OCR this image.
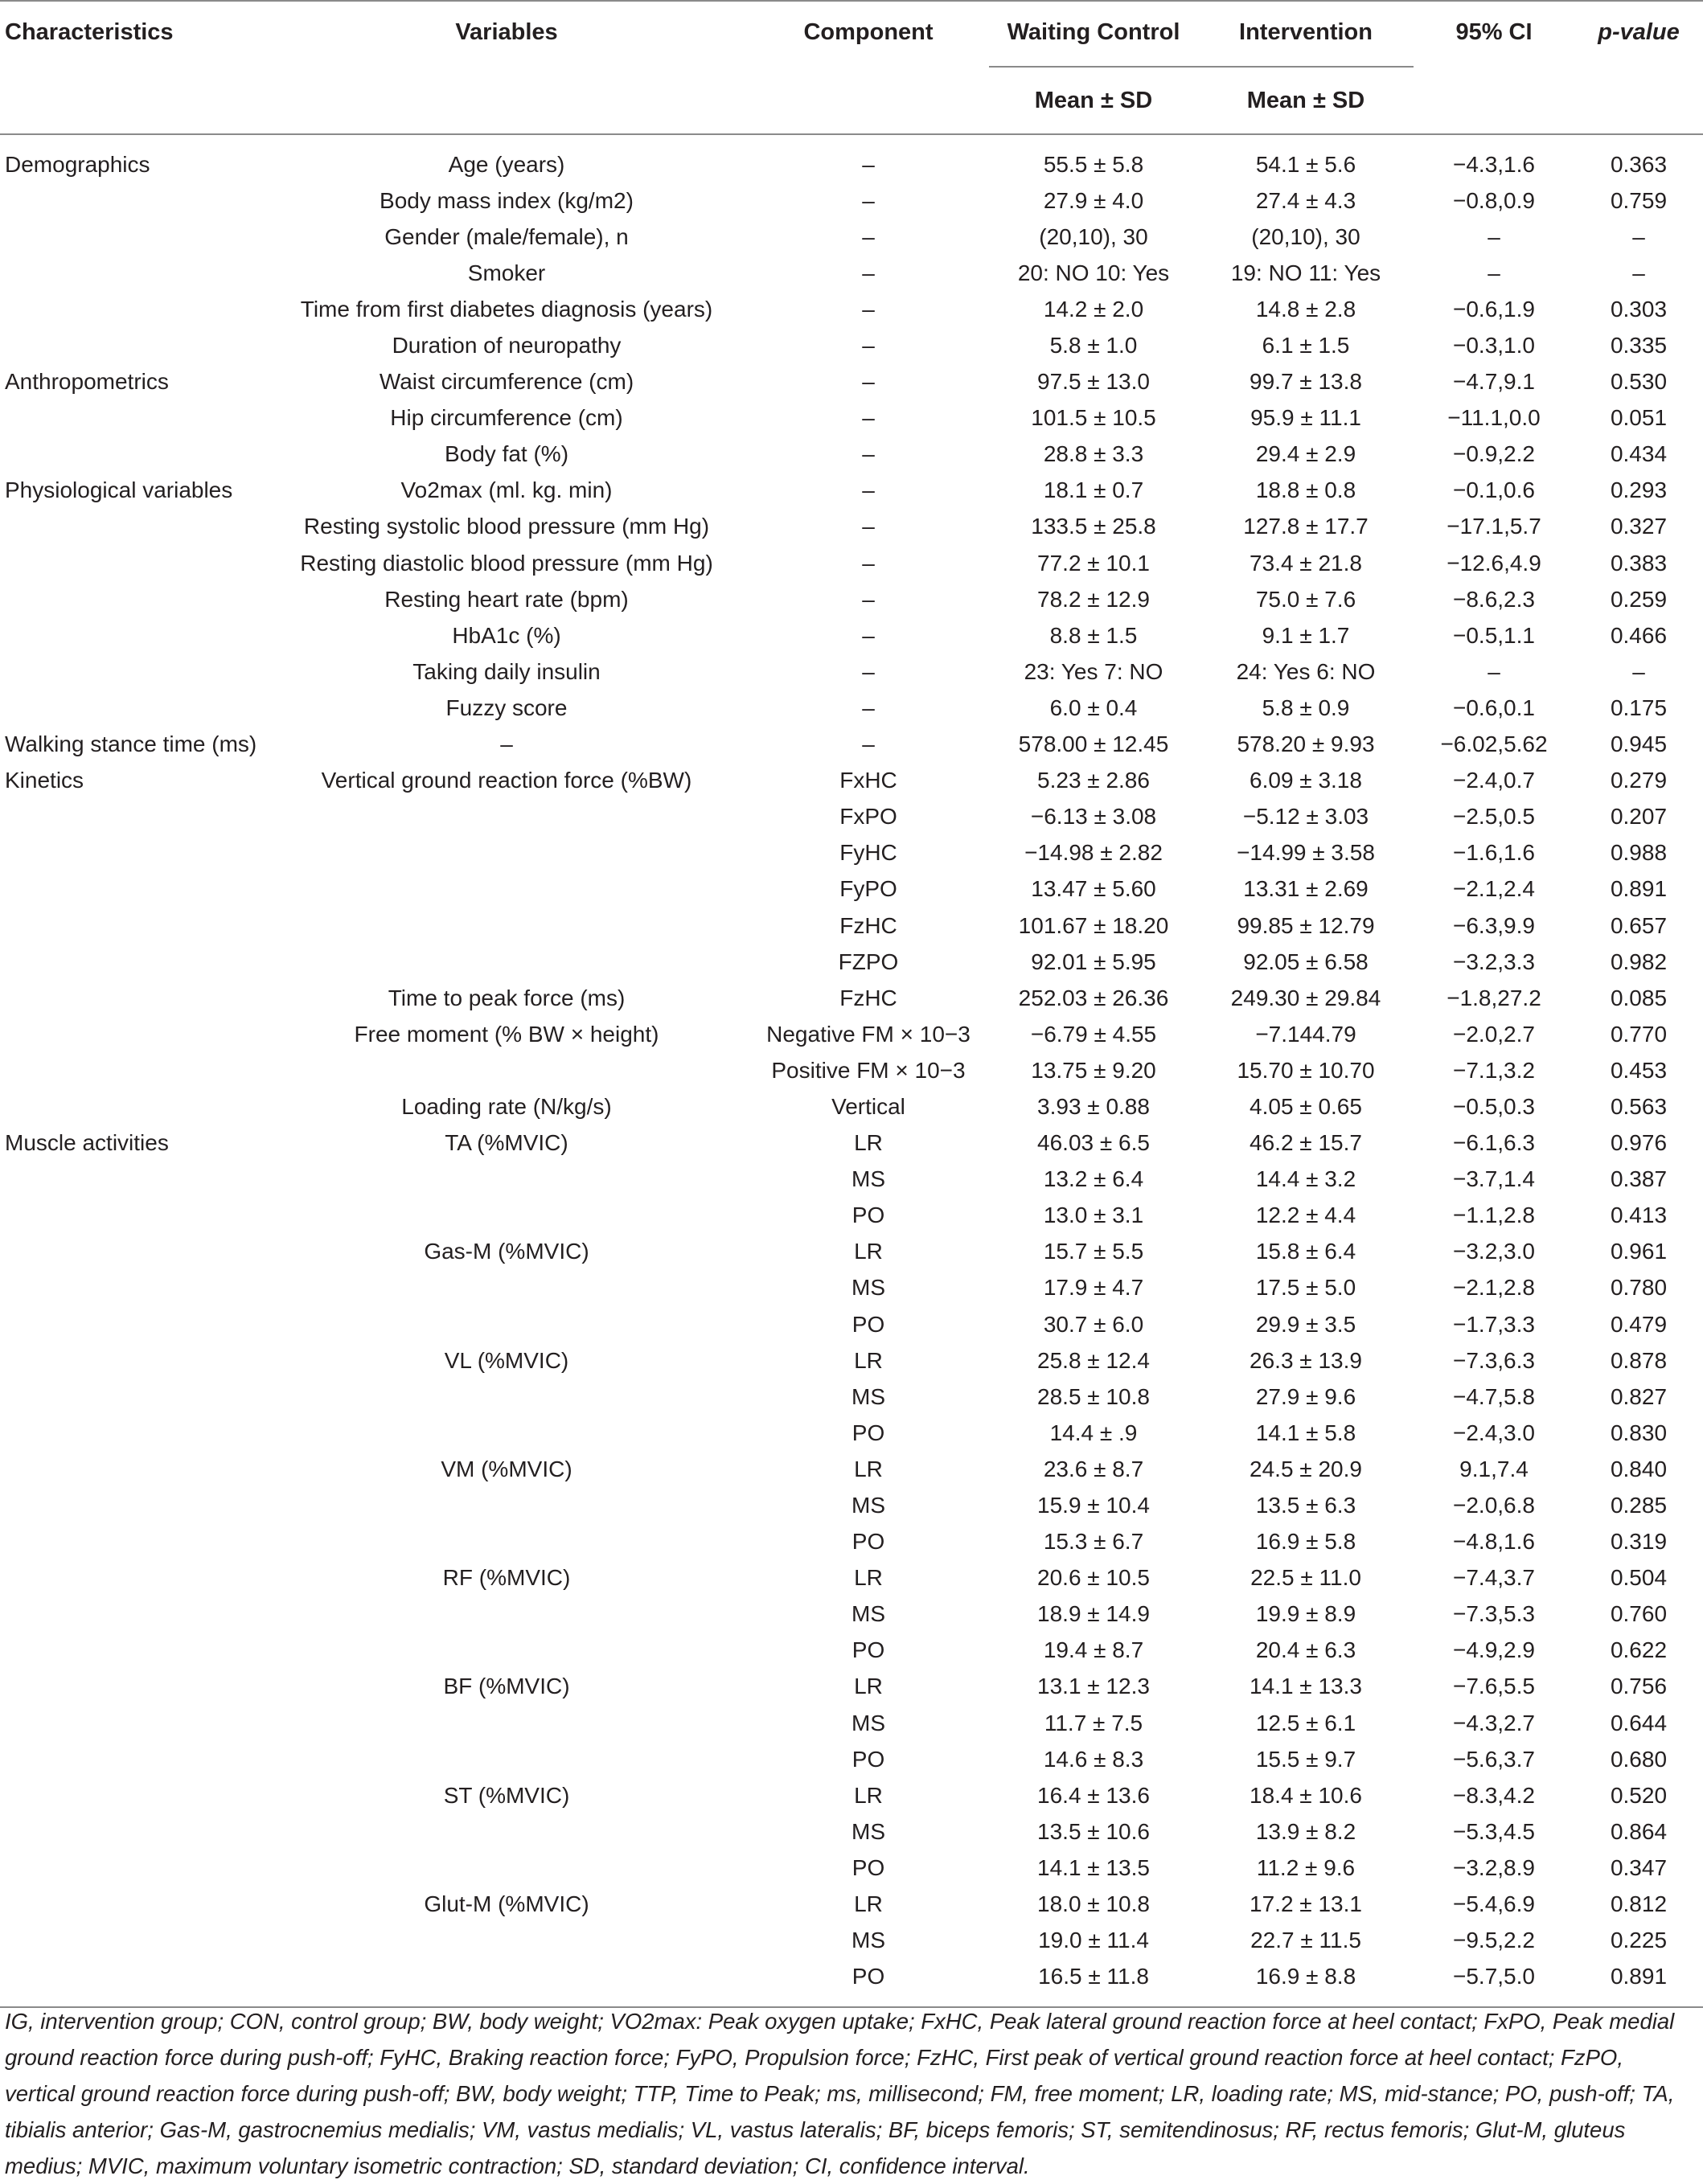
Characteristics	Variables	Component	Waiting Control	Intervention	95% CI	p-value
			Mean ± SD	Mean ± SD		
Demographics	Age (years)	–	55.5 ± 5.8	54.1 ± 5.6	−4.3,1.6	0.363
	Body mass index (kg/m2)	–	27.9 ± 4.0	27.4 ± 4.3	−0.8,0.9	0.759
	Gender (male/female), n	–	(20,10), 30	(20,10), 30	–	–
	Smoker	–	20: NO 10: Yes	19: NO 11: Yes	–	–
	Time from first diabetes diagnosis (years)	–	14.2 ± 2.0	14.8 ± 2.8	−0.6,1.9	0.303
	Duration of neuropathy	–	5.8 ± 1.0	6.1 ± 1.5	−0.3,1.0	0.335
Anthropometrics	Waist circumference (cm)	–	97.5 ± 13.0	99.7 ± 13.8	−4.7,9.1	0.530
	Hip circumference (cm)	–	101.5 ± 10.5	95.9 ± 11.1	−11.1,0.0	0.051
	Body fat (%)	–	28.8 ± 3.3	29.4 ± 2.9	−0.9,2.2	0.434
Physiological variables	Vo2max (ml. kg. min)	–	18.1 ± 0.7	18.8 ± 0.8	−0.1,0.6	0.293
	Resting systolic blood pressure (mm Hg)	–	133.5 ± 25.8	127.8 ± 17.7	−17.1,5.7	0.327
	Resting diastolic blood pressure (mm Hg)	–	77.2 ± 10.1	73.4 ± 21.8	−12.6,4.9	0.383
	Resting heart rate (bpm)	–	78.2 ± 12.9	75.0 ± 7.6	−8.6,2.3	0.259
	HbA1c (%)	–	8.8 ± 1.5	9.1 ± 1.7	−0.5,1.1	0.466
	Taking daily insulin	–	23: Yes 7: NO	24: Yes 6: NO	–	–
	Fuzzy score	–	6.0 ± 0.4	5.8 ± 0.9	−0.6,0.1	0.175
Walking stance time (ms)	–	–	578.00 ± 12.45	578.20 ± 9.93	−6.02,5.62	0.945
Kinetics	Vertical ground reaction force (%BW)	FxHC	5.23 ± 2.86	6.09 ± 3.18	−2.4,0.7	0.279
		FxPO	−6.13 ± 3.08	−5.12 ± 3.03	−2.5,0.5	0.207
		FyHC	−14.98 ± 2.82	−14.99 ± 3.58	−1.6,1.6	0.988
		FyPO	13.47 ± 5.60	13.31 ± 2.69	−2.1,2.4	0.891
		FzHC	101.67 ± 18.20	99.85 ± 12.79	−6.3,9.9	0.657
		FZPO	92.01 ± 5.95	92.05 ± 6.58	−3.2,3.3	0.982
	Time to peak force (ms)	FzHC	252.03 ± 26.36	249.30 ± 29.84	−1.8,27.2	0.085
	Free moment (% BW × height)	Negative FM × 10−3	−6.79 ± 4.55	−7.144.79	−2.0,2.7	0.770
		Positive FM × 10−3	13.75 ± 9.20	15.70 ± 10.70	−7.1,3.2	0.453
	Loading rate (N/kg/s)	Vertical	3.93 ± 0.88	4.05 ± 0.65	−0.5,0.3	0.563
Muscle activities	TA (%MVIC)	LR	46.03 ± 6.5	46.2 ± 15.7	−6.1,6.3	0.976
		MS	13.2 ± 6.4	14.4 ± 3.2	−3.7,1.4	0.387
		PO	13.0 ± 3.1	12.2 ± 4.4	−1.1,2.8	0.413
	Gas-M (%MVIC)	LR	15.7 ± 5.5	15.8 ± 6.4	−3.2,3.0	0.961
		MS	17.9 ± 4.7	17.5 ± 5.0	−2.1,2.8	0.780
		PO	30.7 ± 6.0	29.9 ± 3.5	−1.7,3.3	0.479
	VL (%MVIC)	LR	25.8 ± 12.4	26.3 ± 13.9	−7.3,6.3	0.878
		MS	28.5 ± 10.8	27.9 ± 9.6	−4.7,5.8	0.827
		PO	14.4 ± .9	14.1 ± 5.8	−2.4,3.0	0.830
	VM (%MVIC)	LR	23.6 ± 8.7	24.5 ± 20.9	9.1,7.4	0.840
		MS	15.9 ± 10.4	13.5 ± 6.3	−2.0,6.8	0.285
		PO	15.3 ± 6.7	16.9 ± 5.8	−4.8,1.6	0.319
	RF (%MVIC)	LR	20.6 ± 10.5	22.5 ± 11.0	−7.4,3.7	0.504
		MS	18.9 ± 14.9	19.9 ± 8.9	−7.3,5.3	0.760
		PO	19.4 ± 8.7	20.4 ± 6.3	−4.9,2.9	0.622
	BF (%MVIC)	LR	13.1 ± 12.3	14.1 ± 13.3	−7.6,5.5	0.756
		MS	11.7 ± 7.5	12.5 ± 6.1	−4.3,2.7	0.644
		PO	14.6 ± 8.3	15.5 ± 9.7	−5.6,3.7	0.680
	ST (%MVIC)	LR	16.4 ± 13.6	18.4 ± 10.6	−8.3,4.2	0.520
		MS	13.5 ± 10.6	13.9 ± 8.2	−5.3,4.5	0.864
		PO	14.1 ± 13.5	11.2 ± 9.6	−3.2,8.9	0.347
	Glut-M (%MVIC)	LR	18.0 ± 10.8	17.2 ± 13.1	−5.4,6.9	0.812
		MS	19.0 ± 11.4	22.7 ± 11.5	−9.5,2.2	0.225
		PO	16.5 ± 11.8	16.9 ± 8.8	−5.7,5.0	0.891
IG, intervention group; CON, control group; BW, body weight; VO2max: Peak oxygen uptake; FxHC, Peak lateral ground reaction force at heel contact; FxPO, Peak medial ground reaction force during push-off; FyHC, Braking reaction force; FyPO, Propulsion force; FzHC, First peak of vertical ground reaction force at heel contact; FzPO, vertical ground reaction force during push-off; BW, body weight; TTP, Time to Peak; ms, millisecond; FM, free moment; LR, loading rate; MS, mid-stance; PO, push-off; TA, tibialis anterior; Gas-M, gastrocnemius medialis; VM, vastus medialis; VL, vastus lateralis; BF, biceps femoris; ST, semitendinosus; RF, rectus femoris; Glut-M, gluteus medius; MVIC, maximum voluntary isometric contraction; SD, standard deviation; CI, confidence interval.
